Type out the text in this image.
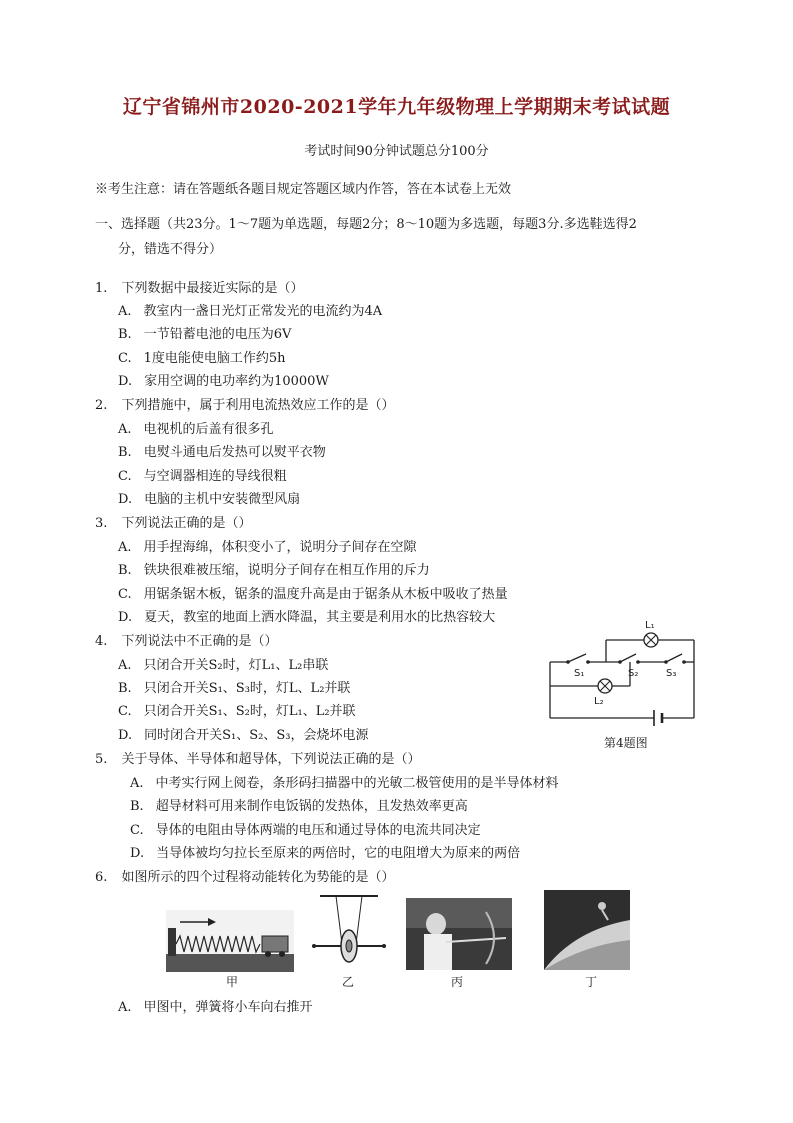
辽宁省锦州市2020-2021学年九年级物理上学期期末考试试题
考试时间90分钟试题总分100分
※考生注意：请在答题纸各题目规定答题区域内作答，答在本试卷上无效
一、选择题（共23分。1～7题为单选题，每题2分；8～10题为多选题，每题3分.多选鞋选得2
分，错选不得分）
1. 下列数据中最接近实际的是（）
A. 教室内一盏日光灯正常发光的电流约为4A
B. 一节铅蓄电池的电压为6V
C. 1度电能使电脑工作约5h
D. 家用空调的电功率约为10000W
2. 下列措施中，属于利用电流热效应工作的是（）
A. 电视机的后盖有很多孔
B. 电熨斗通电后发热可以熨平衣物
C. 与空调器相连的导线很粗
D. 电脑的主机中安装微型风扇
3. 下列说法正确的是（）
A. 用手捏海绵，体积变小了，说明分子间存在空隙
B. 铁块很难被压缩，说明分子间存在相互作用的斥力
C. 用锯条锯木板，锯条的温度升高是由于锯条从木板中吸收了热量
D. 夏天，教室的地面上洒水降温，其主要是利用水的比热容较大
4. 下列说法中不正确的是（）
A. 只闭合开关S₂时，灯L₁、L₂串联
B. 只闭合开关S₁、S₃时，灯L、L₂并联
C. 只闭合开关S₁、S₂时，灯L₁、L₂并联
D. 同时闭合开关S₁、S₂、S₃，会烧坏电源
L₁
S₁	S₂	S₃
L₂
第4题图
5. 关于导体、半导体和超导体，下列说法正确的是（）
A. 中考实行网上阅卷，条形码扫描器中的光敏二极管使用的是半导体材料
B. 超导材料可用来制作电饭锅的发热体，且发热效率更高
C. 导体的电阻由导体两端的电压和通过导体的电流共同决定
D. 当导体被均匀拉长至原来的两倍时，它的电阻增大为原来的两倍
6. 如图所示的四个过程将动能转化为势能的是（）
甲	乙	丙	丁
A. 甲图中，弹簧将小车向右推开
